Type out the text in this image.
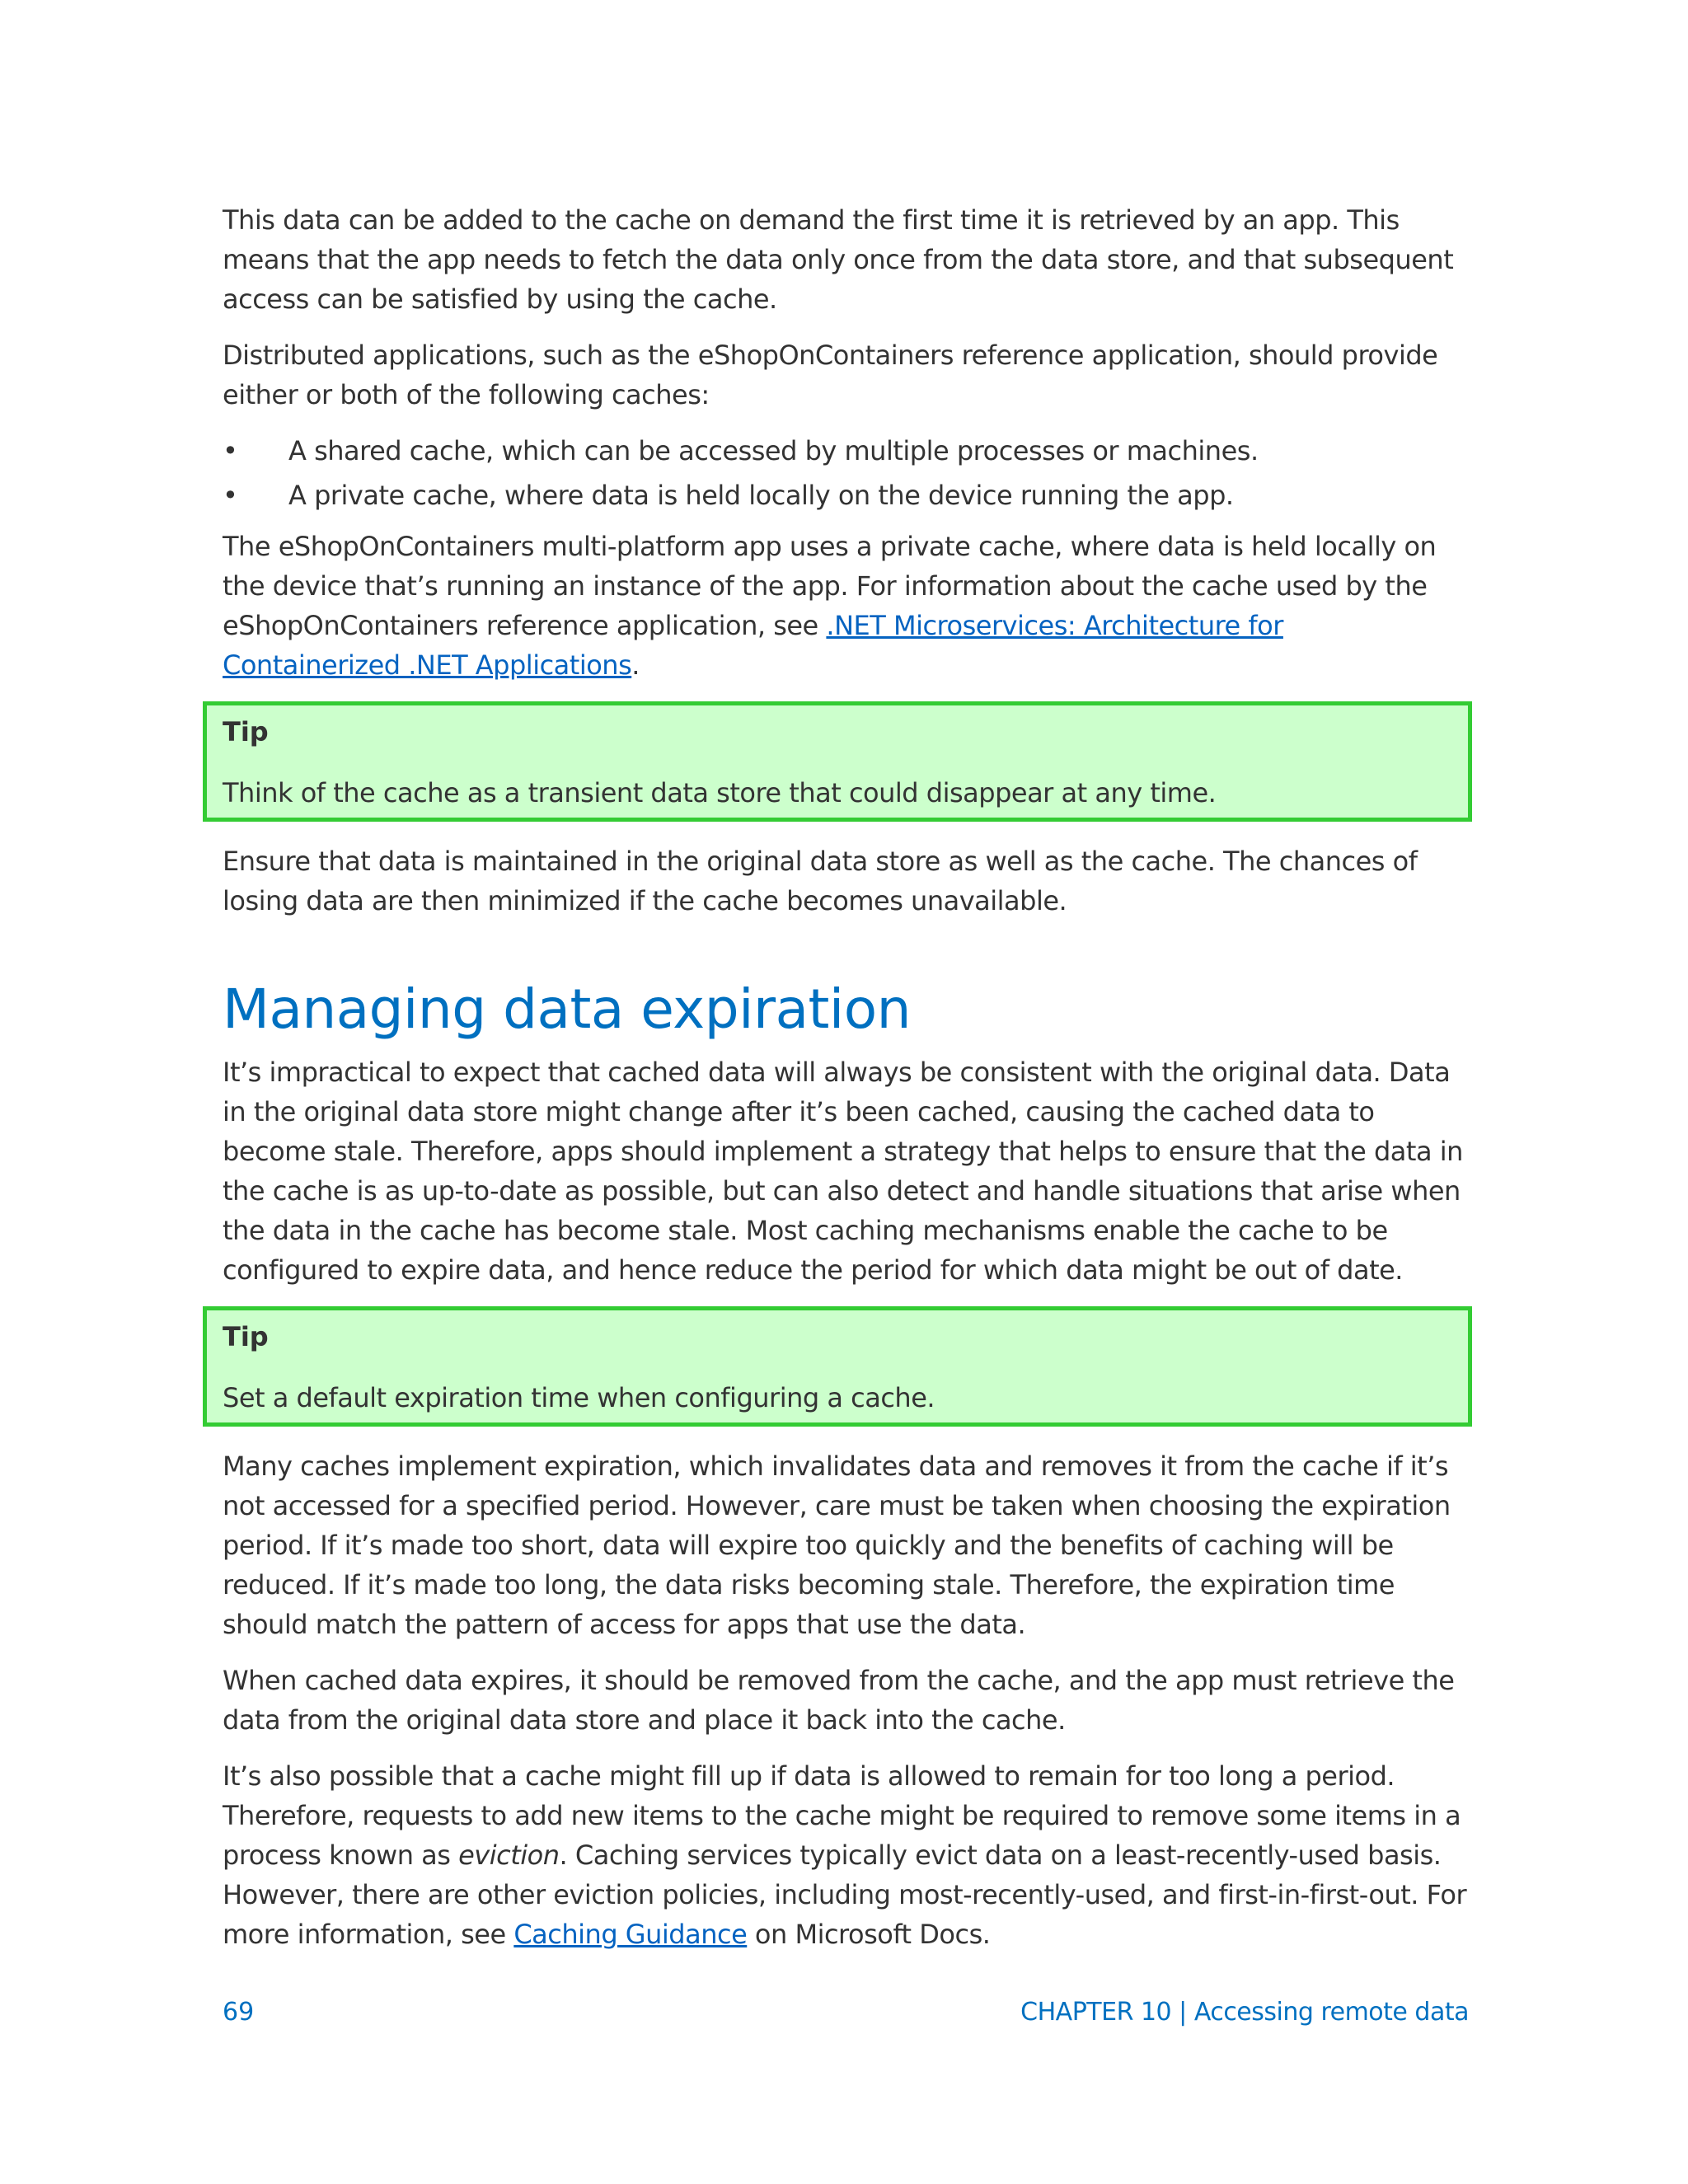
This data can be added to the cache on demand the first time it is retrieved by an app. This means that the app needs to fetch the data only once from the data store, and that subsequent access can be satisfied by using the cache.

Distributed applications, such as the eShopOnContainers reference application, should provide either or both of the following caches:

• A shared cache, which can be accessed by multiple processes or machines.
• A private cache, where data is held locally on the device running the app.

The eShopOnContainers multi-platform app uses a private cache, where data is held locally on the device that’s running an instance of the app. For information about the cache used by the eShopOnContainers reference application, see .NET Microservices: Architecture for Containerized .NET Applications.

Tip
Think of the cache as a transient data store that could disappear at any time.

Ensure that data is maintained in the original data store as well as the cache. The chances of losing data are then minimized if the cache becomes unavailable.

Managing data expiration

It’s impractical to expect that cached data will always be consistent with the original data. Data in the original data store might change after it’s been cached, causing the cached data to become stale. Therefore, apps should implement a strategy that helps to ensure that the data in the cache is as up-to-date as possible, but can also detect and handle situations that arise when the data in the cache has become stale. Most caching mechanisms enable the cache to be configured to expire data, and hence reduce the period for which data might be out of date.

Tip
Set a default expiration time when configuring a cache.

Many caches implement expiration, which invalidates data and removes it from the cache if it’s not accessed for a specified period. However, care must be taken when choosing the expiration period. If it’s made too short, data will expire too quickly and the benefits of caching will be reduced. If it’s made too long, the data risks becoming stale. Therefore, the expiration time should match the pattern of access for apps that use the data.

When cached data expires, it should be removed from the cache, and the app must retrieve the data from the original data store and place it back into the cache.

It’s also possible that a cache might fill up if data is allowed to remain for too long a period. Therefore, requests to add new items to the cache might be required to remove some items in a process known as eviction. Caching services typically evict data on a least-recently-used basis. However, there are other eviction policies, including most-recently-used, and first-in-first-out. For more information, see Caching Guidance on Microsoft Docs.

69	CHAPTER 10 | Accessing remote data
